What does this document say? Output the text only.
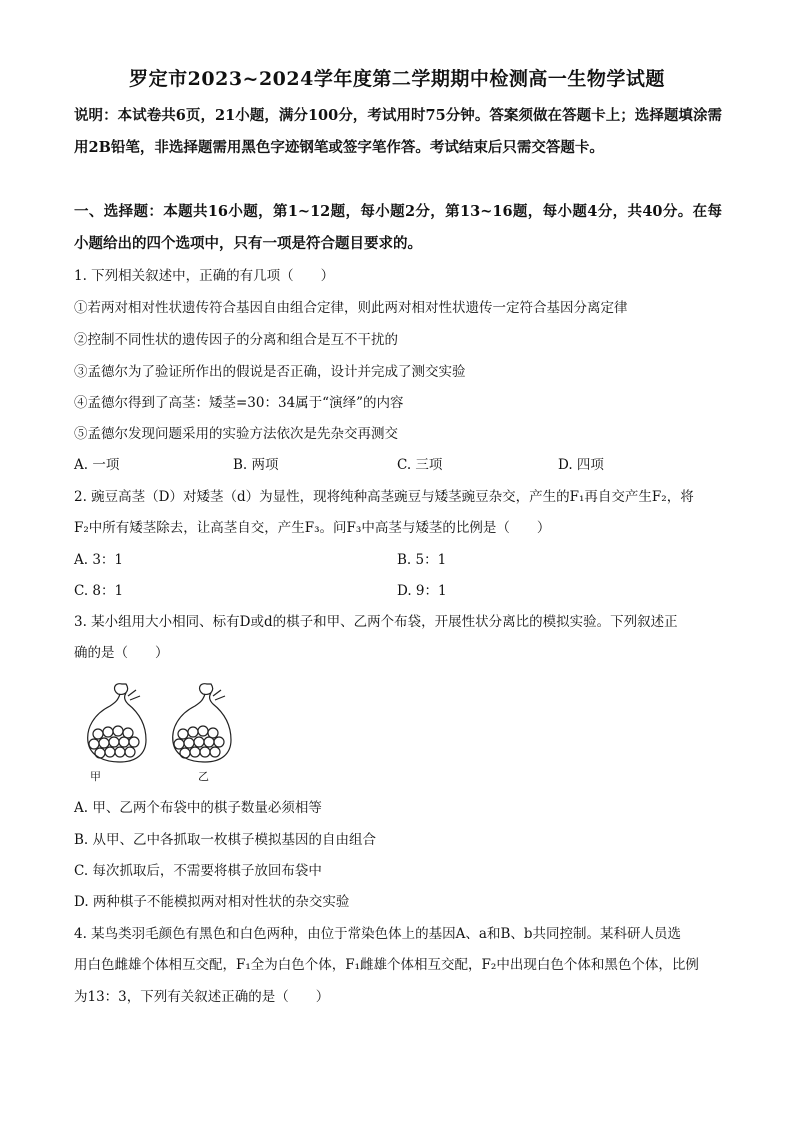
罗定市2023~2024学年度第二学期期中检测高一生物学试题
说明：本试卷共6页，21小题，满分100分，考试用时75分钟。答案须做在答题卡上；选择题填涂需用2B铅笔，非选择题需用黑色字迹钢笔或签字笔作答。考试结束后只需交答题卡。
一、选择题：本题共16小题，第1~12题，每小题2分，第13~16题，每小题4分，共40分。在每小题给出的四个选项中，只有一项是符合题目要求的。
1. 下列相关叙述中，正确的有几项（　　）
①若两对相对性状遗传符合基因自由组合定律，则此两对相对性状遗传一定符合基因分离定律
②控制不同性状的遗传因子的分离和组合是互不干扰的
③孟德尔为了验证所作出的假说是否正确，设计并完成了测交实验
④孟德尔得到了高茎：矮茎=30：34属于“演绎”的内容
⑤孟德尔发现问题采用的实验方法依次是先杂交再测交
A. 一项	B. 两项	C. 三项	D. 四项
2. 豌豆高茎（D）对矮茎（d）为显性，现将纯种高茎豌豆与矮茎豌豆杂交，产生的F₁再自交产生F₂，将
F₂中所有矮茎除去，让高茎自交，产生F₃。问F₃中高茎与矮茎的比例是（　　）
A. 3：1	B. 5：1
C. 8：1	D. 9：1
3. 某小组用大小相同、标有D或d的棋子和甲、乙两个布袋，开展性状分离比的模拟实验。下列叙述正
确的是（　　）
甲	乙
A. 甲、乙两个布袋中的棋子数量必须相等
B. 从甲、乙中各抓取一枚棋子模拟基因的自由组合
C. 每次抓取后，不需要将棋子放回布袋中
D. 两种棋子不能模拟两对相对性状的杂交实验
4. 某鸟类羽毛颜色有黑色和白色两种，由位于常染色体上的基因A、a和B、b共同控制。某科研人员选
用白色雌雄个体相互交配，F₁全为白色个体，F₁雌雄个体相互交配，F₂中出现白色个体和黑色个体，比例
为13：3，下列有关叙述正确的是（　　）
